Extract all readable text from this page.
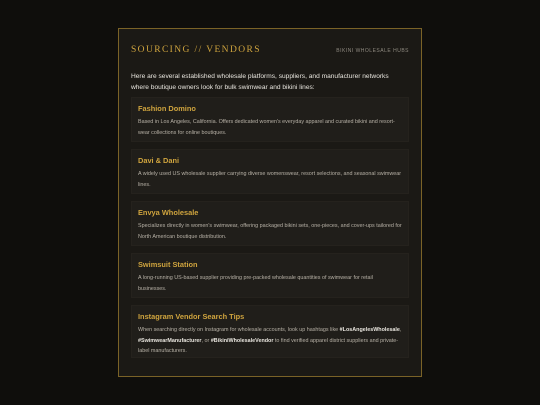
SOURCING // VENDORS	BIKINI WHOLESALE HUBS

Here are several established wholesale platforms, suppliers, and manufacturer networks where boutique owners look for bulk swimwear and bikini lines:

Fashion Domino
Based in Los Angeles, California. Offers dedicated women's everyday apparel and curated bikini and resort-wear collections for online boutiques.
Davi & Dani
A widely used US wholesale supplier carrying diverse womenswear, resort selections, and seasonal swimwear lines.
Envya Wholesale
Specializes directly in women's swimwear, offering packaged bikini sets, one-pieces, and cover-ups tailored for North American boutique distribution.
Swimsuit Station
A long-running US-based supplier providing pre-packed wholesale quantities of swimwear for retail businesses.
Instagram Vendor Search Tips
When searching directly on Instagram for wholesale accounts, look up hashtags like #LosAngelesWholesale, #SwimwearManufacturer, or #BikiniWholesaleVendor to find verified apparel district suppliers and private-label manufacturers.
